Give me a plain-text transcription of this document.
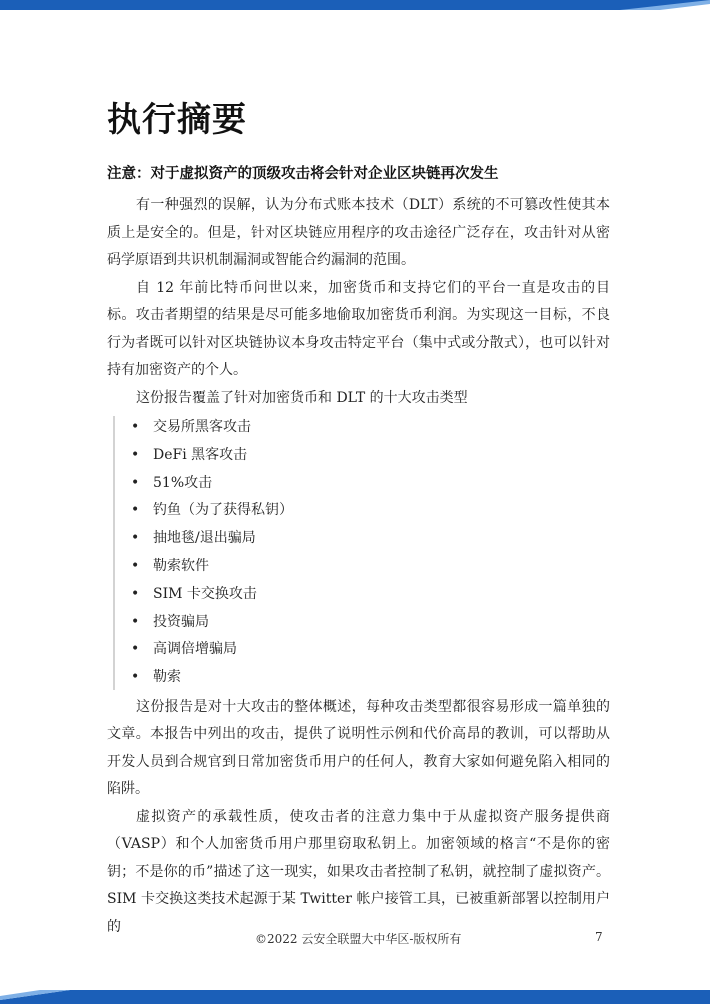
执行摘要

注意：对于虚拟资产的顶级攻击将会针对企业区块链再次发生

有一种强烈的误解，认为分布式账本技术（DLT）系统的不可篡改性使其本质上是安全的。但是，针对区块链应用程序的攻击途径广泛存在，攻击针对从密码学原语到共识机制漏洞或智能合约漏洞的范围。

自 12 年前比特币问世以来，加密货币和支持它们的平台一直是攻击的目标。攻击者期望的结果是尽可能多地偷取加密货币利润。为实现这一目标，不良行为者既可以针对区块链协议本身攻击特定平台（集中式或分散式），也可以针对持有加密资产的个人。

这份报告覆盖了针对加密货币和 DLT 的十大攻击类型

• 交易所黑客攻击
• DeFi 黑客攻击
• 51%攻击
• 钓鱼（为了获得私钥）
• 抽地毯/退出骗局
• 勒索软件
• SIM 卡交换攻击
• 投资骗局
• 高调倍增骗局
• 勒索

这份报告是对十大攻击的整体概述，每种攻击类型都很容易形成一篇单独的文章。本报告中列出的攻击，提供了说明性示例和代价高昂的教训，可以帮助从开发人员到合规官到日常加密货币用户的任何人，教育大家如何避免陷入相同的陷阱。

虚拟资产的承载性质，使攻击者的注意力集中于从虚拟资产服务提供商（VASP）和个人加密货币用户那里窃取私钥上。加密领域的格言“不是你的密钥；不是你的币”描述了这一现实，如果攻击者控制了私钥，就控制了虚拟资产。SIM 卡交换这类技术起源于某 Twitter 帐户接管工具，已被重新部署以控制用户的

©2022 云安全联盟大中华区-版权所有	7
